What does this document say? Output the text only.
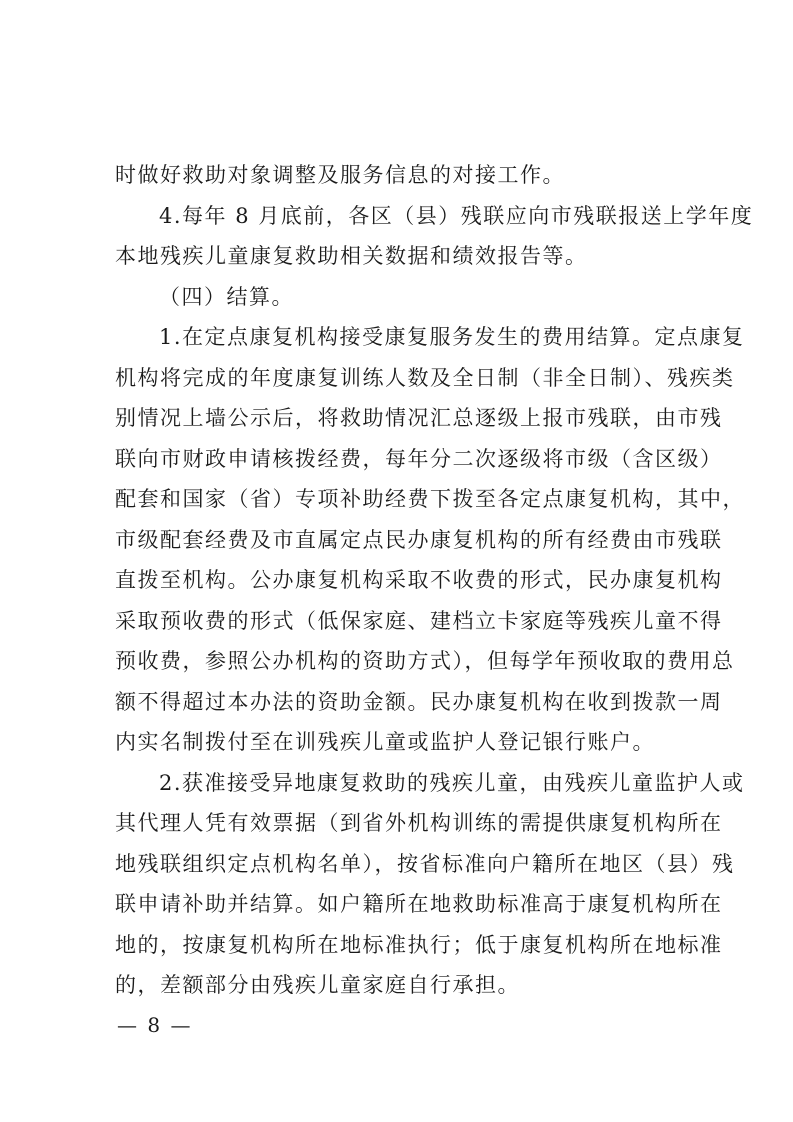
时做好救助对象调整及服务信息的对接工作。
4.每年 8 月底前，各区（县）残联应向市残联报送上学年度
本地残疾儿童康复救助相关数据和绩效报告等。
（四）结算。
1.在定点康复机构接受康复服务发生的费用结算。定点康复
机构将完成的年度康复训练人数及全日制（非全日制）、残疾类
别情况上墙公示后，将救助情况汇总逐级上报市残联，由市残
联向市财政申请核拨经费，每年分二次逐级将市级（含区级）
配套和国家（省）专项补助经费下拨至各定点康复机构，其中，
市级配套经费及市直属定点民办康复机构的所有经费由市残联
直拨至机构。公办康复机构采取不收费的形式，民办康复机构
采取预收费的形式（低保家庭、建档立卡家庭等残疾儿童不得
预收费，参照公办机构的资助方式），但每学年预收取的费用总
额不得超过本办法的资助金额。民办康复机构在收到拨款一周
内实名制拨付至在训残疾儿童或监护人登记银行账户。
2.获准接受异地康复救助的残疾儿童，由残疾儿童监护人或
其代理人凭有效票据（到省外机构训练的需提供康复机构所在
地残联组织定点机构名单），按省标准向户籍所在地区（县）残
联申请补助并结算。如户籍所在地救助标准高于康复机构所在
地的，按康复机构所在地标准执行；低于康复机构所在地标准
的，差额部分由残疾儿童家庭自行承担。
— 8 —
